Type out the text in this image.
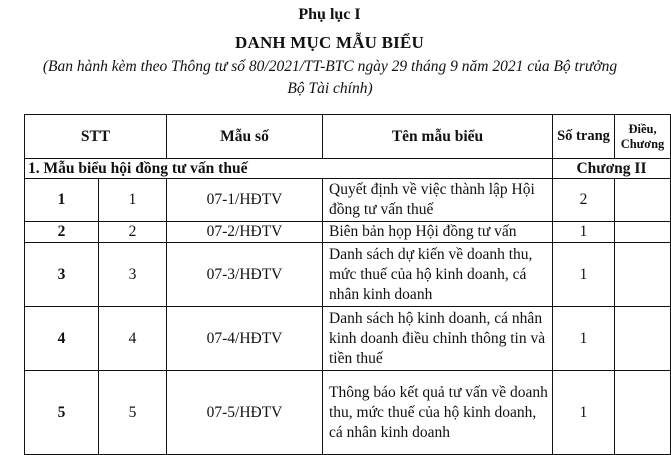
Phụ lục I
DANH MỤC MẪU BIỂU
(Ban hành kèm theo Thông tư số 80/2021/TT-BTC ngày 29 tháng 9 năm 2021 của Bộ trưởng Bộ Tài chính)
STT		Mẫu số	Tên mẫu biểu	Số trang	Điều, Chương
1. Mẫu biểu hội đồng tư vấn thuế				Chương II	
1	1	07-1/HĐTV	Quyết định về việc thành lập Hội đồng tư vấn thuế	2	
2	2	07-2/HĐTV	Biên bản họp Hội đồng tư vấn	1	
3	3	07-3/HĐTV	Danh sách dự kiến về doanh thu, mức thuế của hộ kinh doanh, cá nhân kinh doanh	1	
4	4	07-4/HĐTV	Danh sách hộ kinh doanh, cá nhân kinh doanh điều chỉnh thông tin và tiền thuế	1	
5	5	07-5/HĐTV	Thông báo kết quả tư vấn về doanh thu, mức thuế của hộ kinh doanh, cá nhân kinh doanh	1	
